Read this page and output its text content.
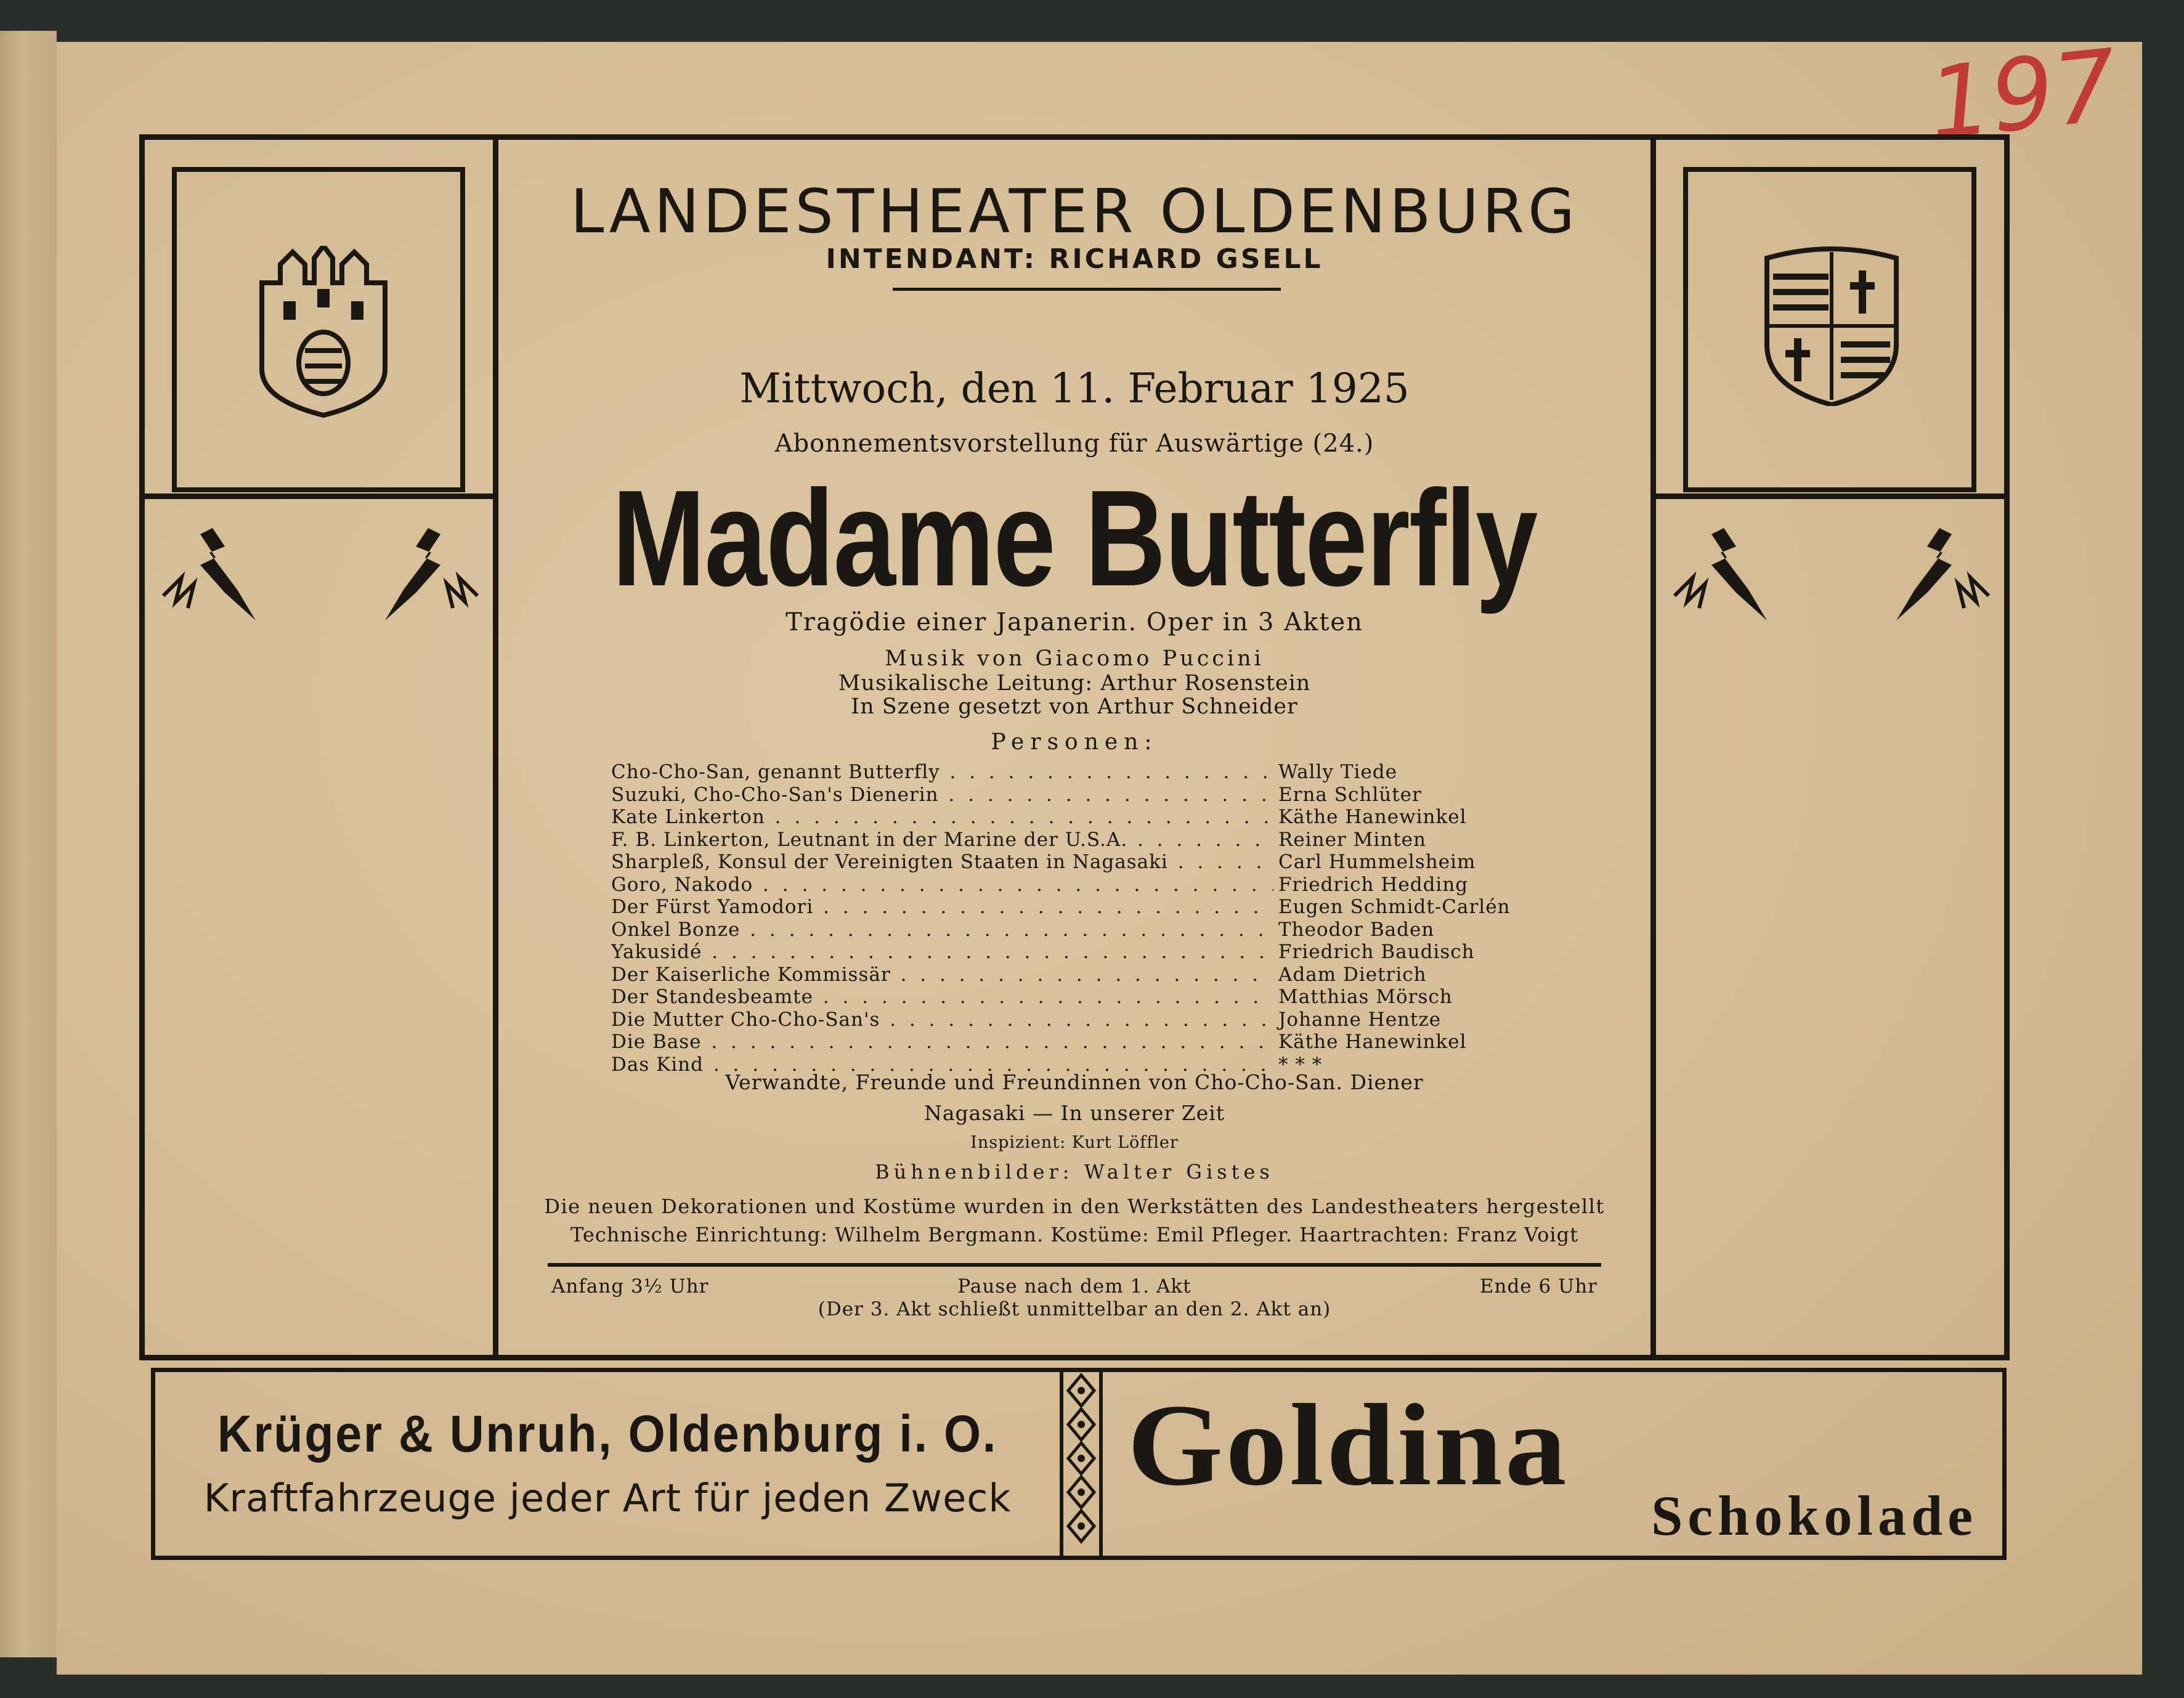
197
LANDESTHEATER OLDENBURG
INTENDANT: RICHARD GSELL
Mittwoch, den 11. Februar 1925
Abonnementsvorstellung für Auswärtige (24.)
Madame Butterfly
Tragödie einer Japanerin. Oper in 3 Akten
Musik von Giacomo Puccini
Musikalische Leitung: Arthur Rosenstein
In Szene gesetzt von Arthur Schneider
Personen:
Cho-Cho-San, genannt Butterfly . . .	Wally Tiede
Suzuki, Cho-Cho-San's Dienerin . . .	Erna Schlüter
Kate Linkerton . . .	Käthe Hanewinkel
F. B. Linkerton, Leutnant in der Marine der U.S.A. . . .	Reiner Minten
Sharpleß, Konsul der Vereinigten Staaten in Nagasaki . . .	Carl Hummelsheim
Goro, Nakodo . . .	Friedrich Hedding
Der Fürst Yamodori . . .	Eugen Schmidt-Carlén
Onkel Bonze . . .	Theodor Baden
Yakusidé . . .	Friedrich Baudisch
Der Kaiserliche Kommissär . . .	Adam Dietrich
Der Standesbeamte . . .	Matthias Mörsch
Die Mutter Cho-Cho-San's . . .	Johanne Hentze
Die Base . . .	Käthe Hanewinkel
Das Kind . . .	* * *
Verwandte, Freunde und Freundinnen von Cho-Cho-San. Diener
Nagasaki — In unserer Zeit
Inspizient: Kurt Löffler
Bühnenbilder: Walter Gistes
Die neuen Dekorationen und Kostüme wurden in den Werkstätten des Landestheaters hergestellt
Technische Einrichtung: Wilhelm Bergmann. Kostüme: Emil Pfleger. Haartrachten: Franz Voigt
Anfang 3½ Uhr	Pause nach dem 1. Akt	Ende 6 Uhr
(Der 3. Akt schließt unmittelbar an den 2. Akt an)
Krüger & Unruh, Oldenburg i. O.
Kraftfahrzeuge jeder Art für jeden Zweck Goldina
Schokolade
